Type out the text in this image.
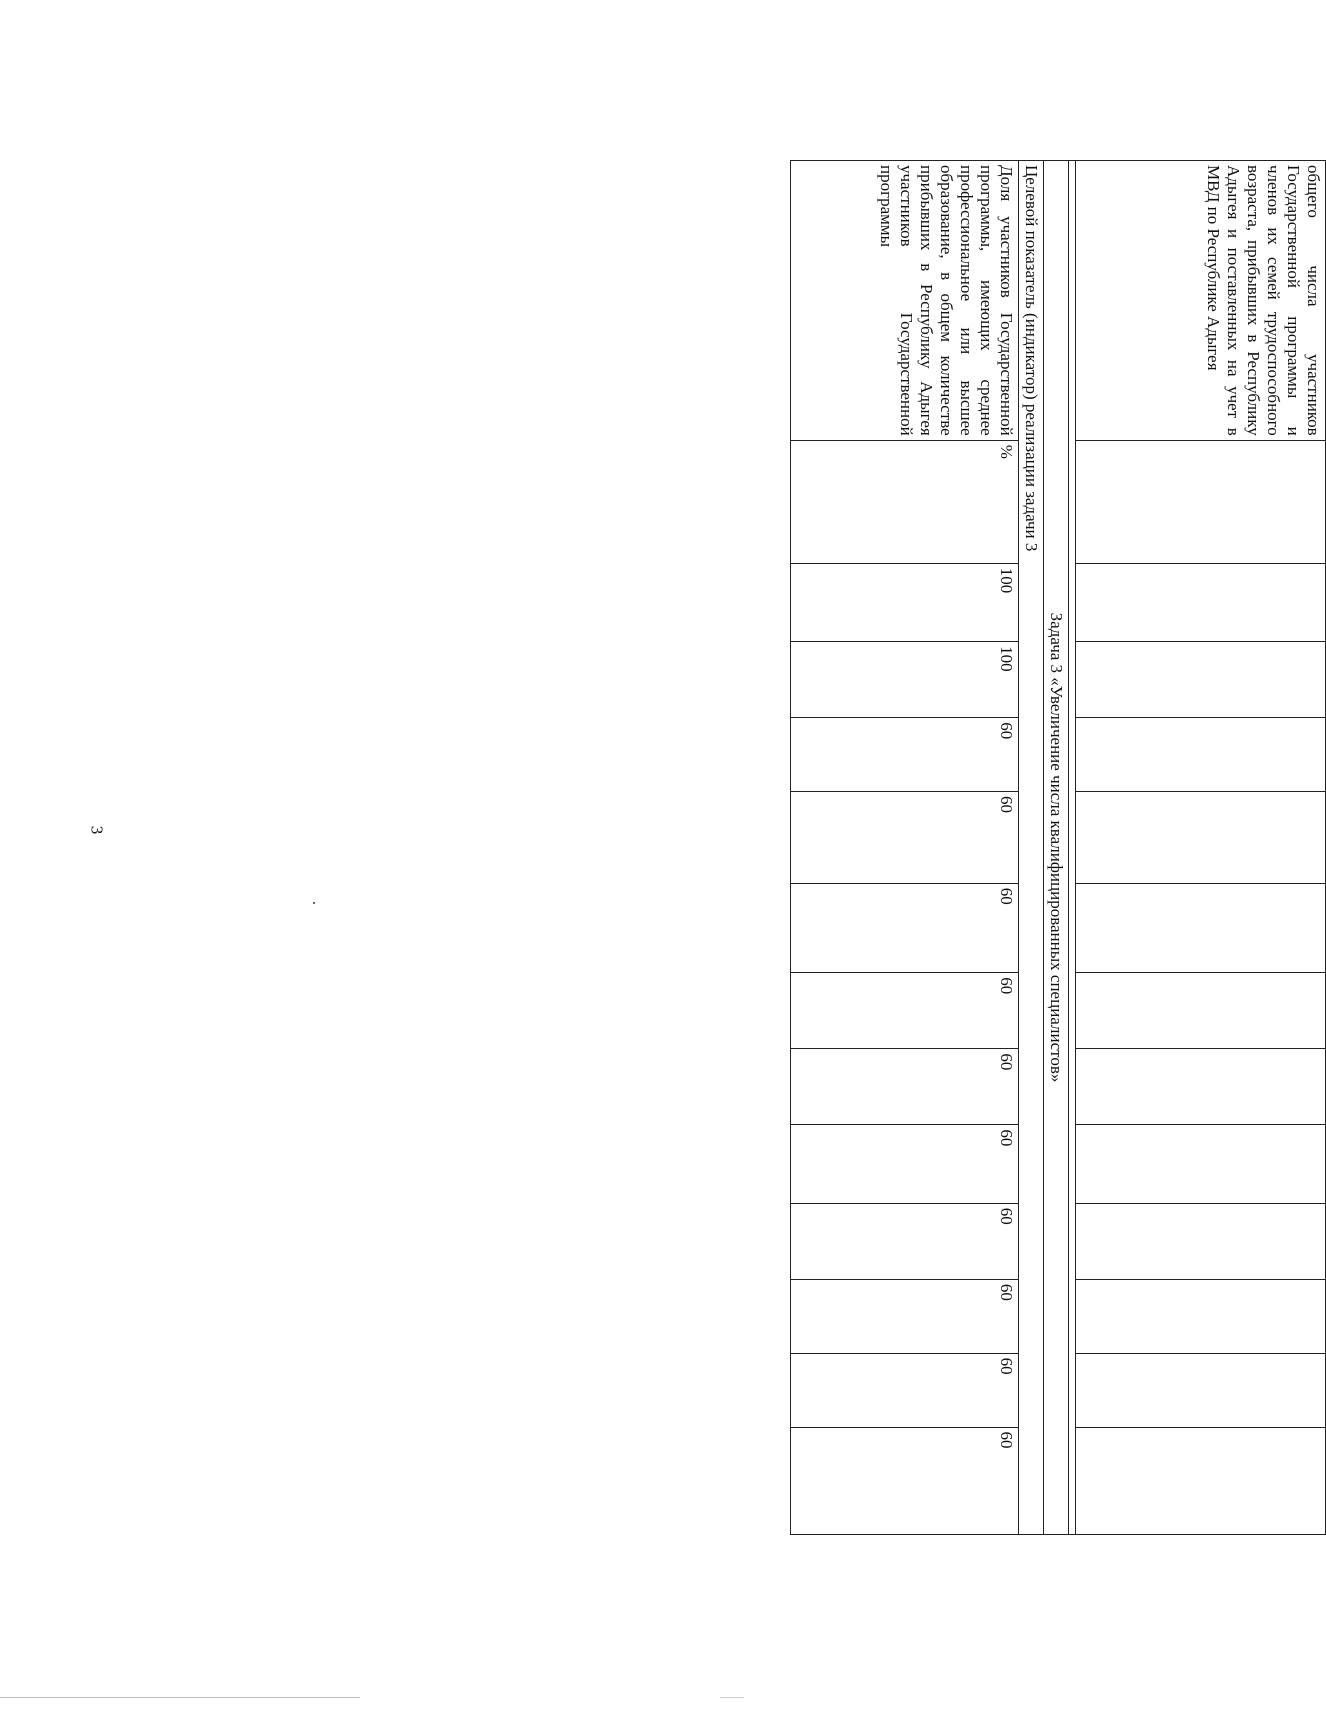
3
общего числа участников Государственной программы и членов их семей трудоспособного возраста, прибывших в Республику Адыгея и поставленных на учет в МВД по Республике Адыгея													

Задача 3 «Увеличение числа квалифицированных специалистов»													
Целевой показатель (индикатор) реализации задачи 3													
Доля участников Государственной программы, имеющих среднее профессиональное или высшее образование, в общем количестве прибывших в Республику Адыгея участников Государственной программы	%	100	100	60	60	60	60	60	60	60	60	60	60
